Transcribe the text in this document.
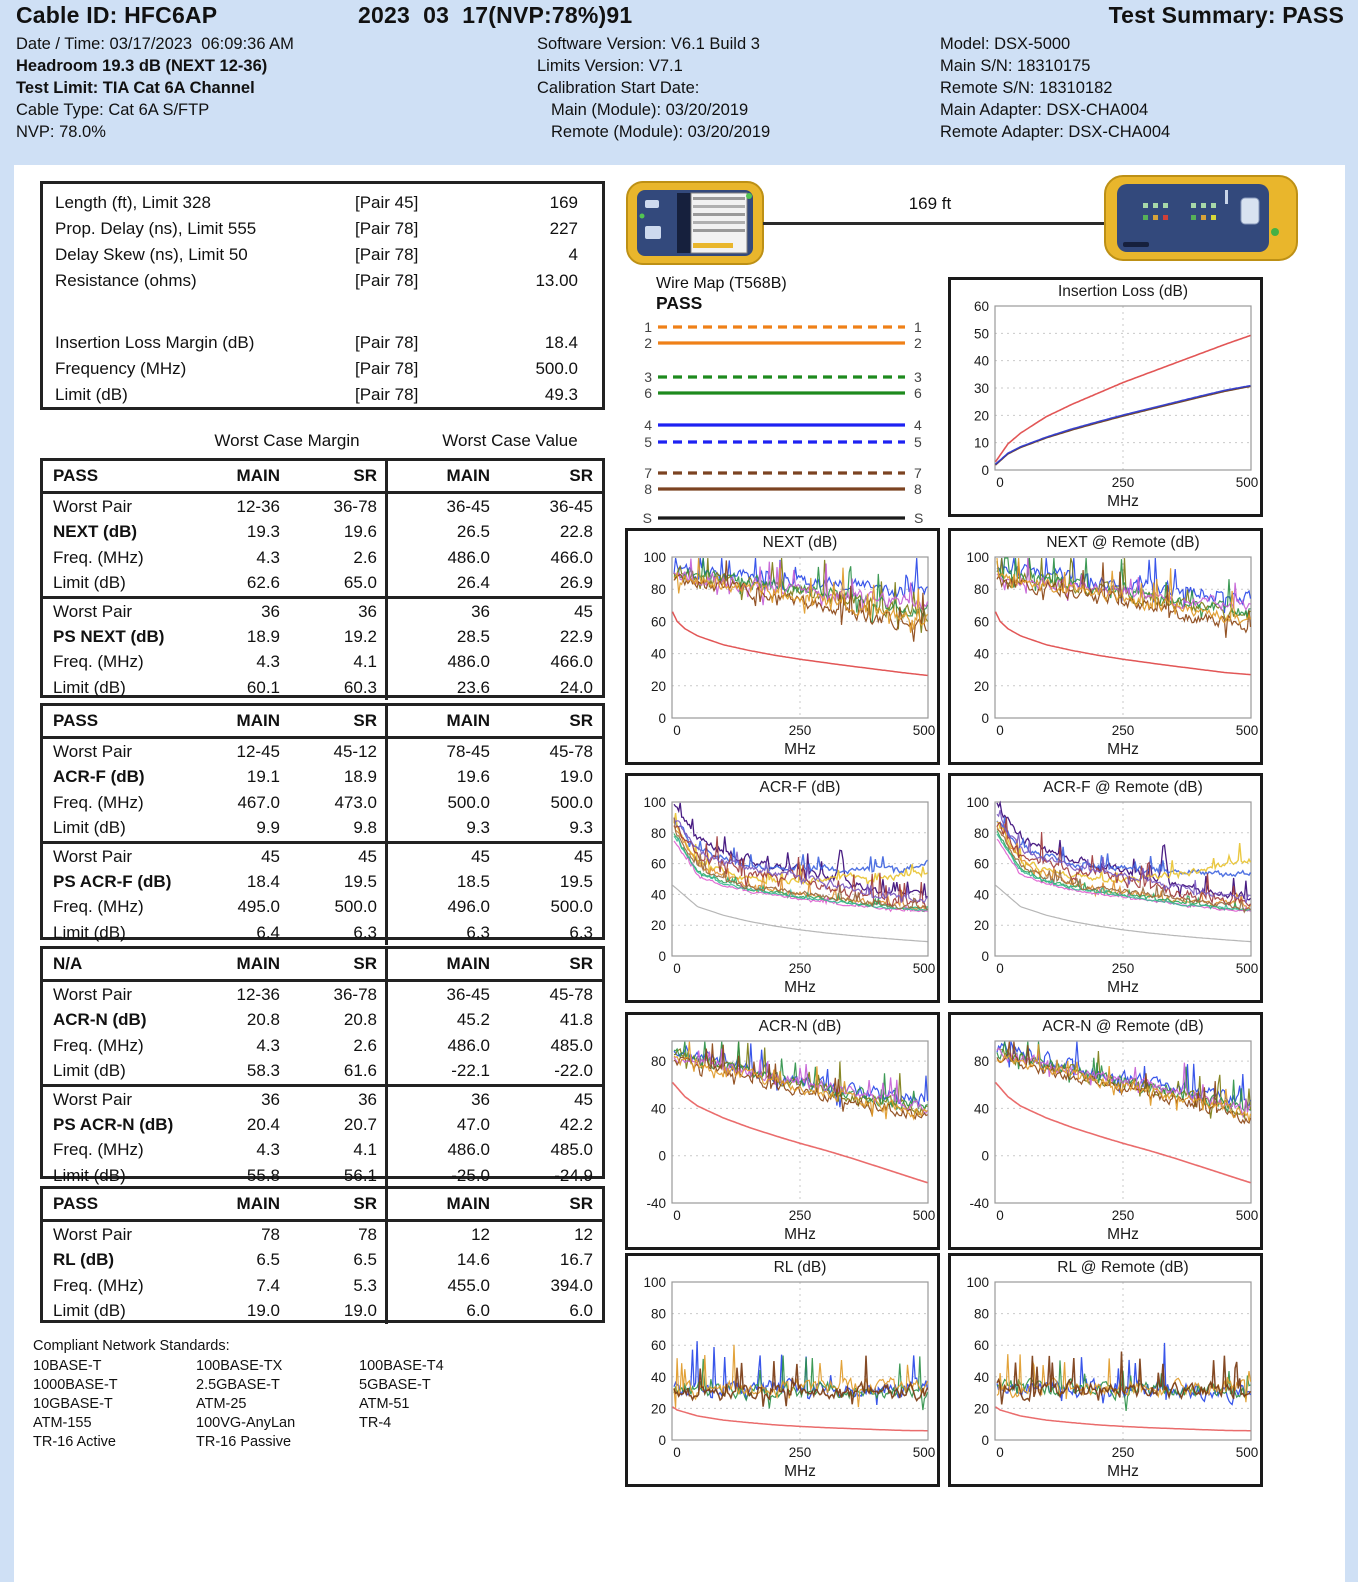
Cable ID: HFC6AP	2023  03  17(NVP:78%)91	Test Summary: PASS
Date / Time: 03/17/2023  06:09:36 AM
Headroom 19.3 dB (NEXT 12-36)
Test Limit: TIA Cat 6A Channel
Cable Type: Cat 6A S/FTP
NVP: 78.0%
Software Version: V6.1 Build 3
Limits Version: V7.1
Calibration Start Date:
Main (Module): 03/20/2019
Remote (Module): 03/20/2019
Model: DSX-5000
Main S/N: 18310175
Remote S/N: 18310182
Main Adapter: DSX-CHA004
Remote Adapter: DSX-CHA004
Length (ft), Limit 328	[Pair 45]	169
Prop. Delay (ns), Limit 555	[Pair 78]	227
Delay Skew (ns), Limit 50	[Pair 78]	4
Resistance (ohms)	[Pair 78]	13.00
Insertion Loss Margin (dB)	[Pair 78]	18.4
Frequency (MHz)	[Pair 78]	500.0
Limit (dB)	[Pair 78]	49.3
Worst Case Margin	Worst Case Value
PASS	MAIN	SR	MAIN	SR
Worst Pair	12-36	36-78	36-45	36-45
NEXT (dB)	19.3	19.6	26.5	22.8
Freq. (MHz)	4.3	2.6	486.0	466.0
Limit (dB)	62.6	65.0	26.4	26.9
Worst Pair	36	36	36	45
PS NEXT (dB)	18.9	19.2	28.5	22.9
Freq. (MHz)	4.3	4.1	486.0	466.0
Limit (dB)	60.1	60.3	23.6	24.0
PASS	MAIN	SR	MAIN	SR
Worst Pair	12-45	45-12	78-45	45-78
ACR-F (dB)	19.1	18.9	19.6	19.0
Freq. (MHz)	467.0	473.0	500.0	500.0
Limit (dB)	9.9	9.8	9.3	9.3
Worst Pair	45	45	45	45
PS ACR-F (dB)	18.4	19.5	18.5	19.5
Freq. (MHz)	495.0	500.0	496.0	500.0
Limit (dB)	6.4	6.3	6.3	6.3
N/A	MAIN	SR	MAIN	SR
Worst Pair	12-36	36-78	36-45	45-78
ACR-N (dB)	20.8	20.8	45.2	41.8
Freq. (MHz)	4.3	2.6	486.0	485.0
Limit (dB)	58.3	61.6	-22.1	-22.0
Worst Pair	36	36	36	45
PS ACR-N (dB)	20.4	20.7	47.0	42.2
Freq. (MHz)	4.3	4.1	486.0	485.0
Limit (dB)	55.8	56.1	-25.0	-24.9
PASS	MAIN	SR	MAIN	SR
Worst Pair	78	78	12	12
RL (dB)	6.5	6.5	14.6	16.7
Freq. (MHz)	7.4	5.3	455.0	394.0
Limit (dB)	19.0	19.0	6.0	6.0
Compliant Network Standards:
10BASE-T	100BASE-TX	100BASE-T4
1000BASE-T	2.5GBASE-T	5GBASE-T
10GBASE-T	ATM-25	ATM-51
ATM-155	100VG-AnyLan	TR-4
TR-16 Active	TR-16 Passive
169 ft
Wire Map (T568B)
PASS
1	1
2	2
3	3
6	6
4	4
5	5
7	7
8	8
S	S
Insertion Loss (dB)
0
10
20
30
40
50
60
0	250	500
MHz
NEXT (dB)
0
20
40
60
80
100
0	250	500
MHz
NEXT @ Remote (dB)
0
20
40
60
80
100
0	250	500
MHz
ACR-F (dB)
0
20
40
60
80
100
0	250	500
MHz
ACR-F @ Remote (dB)
0
20
40
60
80
100
0	250	500
MHz
ACR-N (dB)
-40
0
40
80
0	250	500
MHz
ACR-N @ Remote (dB)
-40
0
40
80
0	250	500
MHz
RL (dB)
0
20
40
60
80
100
0	250	500
MHz
RL @ Remote (dB)
0
20
40
60
80
100
0	250	500
MHz
